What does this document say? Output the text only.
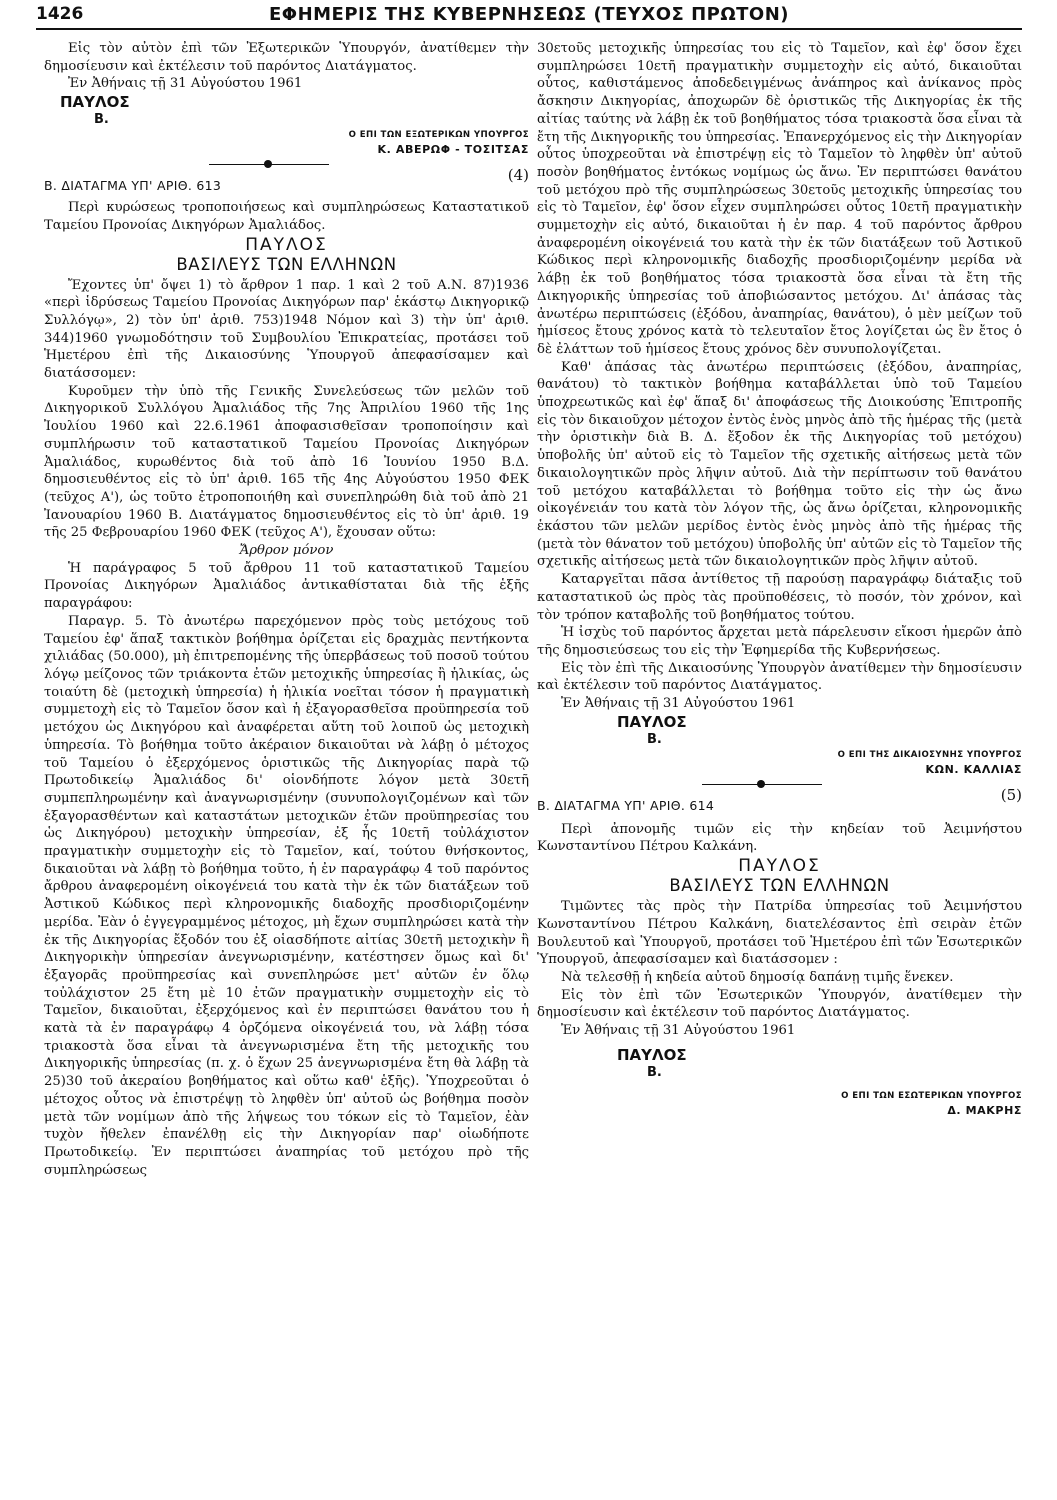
1426	ΕΦΗΜΕΡΙΣ ΤΗΣ ΚΥΒΕΡΝΗΣΕΩΣ (ΤΕΥΧΟΣ ΠΡΩΤΟΝ)

Εἰς τὸν αὐτὸν ἐπὶ τῶν Ἐξωτερικῶν Ὑπουργόν, ἀνατίθεμεν τὴν δημοσίευσιν καὶ ἐκτέλεσιν τοῦ παρόντος Διατάγματος.

Ἐν Ἀθήναις τῇ 31 Αὐγούστου 1961

ΠΑΥΛΟΣ
Β.
Ο ΕΠΙ ΤΩΝ ΕΞΩΤΕΡΙΚΩΝ ΥΠΟΥΡΓΟΣ
Κ. ΑΒΕΡΩΦ - ΤΟΣΙΤΣΑΣ
Β. ΔΙΑΤΑΓΜΑ ΥΠ' ΑΡΙΘ. 613
(4)

Περὶ κυρώσεως τροποποιήσεως καὶ συμπληρώσεως Καταστατικοῦ Ταμείου Προνοίας Δικηγόρων Ἀμαλιάδος.

ΠΑΥΛΟΣ
ΒΑΣΙΛΕΥΣ ΤΩΝ ΕΛΛΗΝΩΝ

Ἔχοντες ὑπ' ὄψει 1) τὸ ἄρθρον 1 παρ. 1 καὶ 2 τοῦ Α.Ν. 87)1936 «περὶ ἱδρύσεως Ταμείου Προνοίας Δικηγόρων παρ' ἑκάστῳ Δικηγορικῷ Συλλόγῳ», 2) τὸν ὑπ' ἀριθ. 753)1948 Νόμον καὶ 3) τὴν ὑπ' ἀριθ. 344)1960 γνωμοδότησιν τοῦ Συμβουλίου Ἐπικρατείας, προτάσει τοῦ Ἡμετέρου ἐπὶ τῆς Δικαιοσύνης Ὑπουργοῦ ἀπεφασίσαμεν καὶ διατάσσομεν:

Κυροῦμεν τὴν ὑπὸ τῆς Γενικῆς Συνελεύσεως τῶν μελῶν τοῦ Δικηγορικοῦ Συλλόγου Ἀμαλιάδος τῆς 7ης Ἀπριλίου 1960 τῆς 1ης Ἰουλίου 1960 καὶ 22.6.1961 ἀποφασισθεῖσαν τροποποίησιν καὶ συμπλήρωσιν τοῦ καταστατικοῦ Ταμείου Προνοίας Δικηγόρων Ἀμαλιάδος, κυρωθέντος διὰ τοῦ ἀπὸ 16 Ἰουνίου 1950 Β.Δ. δημοσιευθέντος εἰς τὸ ὑπ' ἀριθ. 165 τῆς 4ης Αὐγούστου 1950 ΦΕΚ (τεῦχος Α'), ὡς τοῦτο ἐτροποποιήθη καὶ συνεπληρώθη διὰ τοῦ ἀπὸ 21 Ἰανουαρίου 1960 Β. Διατάγματος δημοσιευθέντος εἰς τὸ ὑπ' ἀριθ. 19 τῆς 25 Φεβρουαρίου 1960 ΦΕΚ (τεῦχος Α'), ἔχουσαν οὕτω:

Ἄρθρον μόνον

Ἡ παράγραφος 5 τοῦ ἄρθρου 11 τοῦ καταστατικοῦ Ταμείου Προνοίας Δικηγόρων Ἀμαλιάδος ἀντικαθίσταται διὰ τῆς ἑξῆς παραγράφου:

Παραγρ. 5. Τὸ ἀνωτέρω παρεχόμενον πρὸς τοὺς μετόχους τοῦ Ταμείου ἐφ' ἅπαξ τακτικὸν βοήθημα ὁρίζεται εἰς δραχμὰς πεντήκοντα χιλιάδας (50.000), μὴ ἐπιτρεπομένης τῆς ὑπερβάσεως τοῦ ποσοῦ τούτου λόγῳ μείζονος τῶν τριάκοντα ἐτῶν μετοχικῆς ὑπηρεσίας ἢ ἡλικίας, ὡς τοιαύτη δὲ (μετοχικὴ ὑπηρεσία) ἡ ἡλικία νοεῖται τόσον ἡ πραγματικὴ συμμετοχὴ εἰς τὸ Ταμεῖον ὅσον καὶ ἡ ἐξαγορασθεῖσα προϋπηρεσία τοῦ μετόχου ὡς Δικηγόρου καὶ ἀναφέρεται αὕτη τοῦ λοιποῦ ὡς μετοχικὴ ὑπηρεσία. Τὸ βοήθημα τοῦτο ἀκέραιον δικαιοῦται νὰ λάβῃ ὁ μέτοχος τοῦ Ταμείου ὁ ἐξερχόμενος ὁριστικῶς τῆς Δικηγορίας παρὰ τῷ Πρωτοδικείῳ Ἀμαλιάδος δι' οἱονδήποτε λόγον μετὰ 30ετῆ συμπεπληρωμένην καὶ ἀναγνωρισμένην (συνυπολογιζομένων καὶ τῶν ἐξαγορασθέντων καὶ καταστάτων μετοχικῶν ἐτῶν προϋπηρεσίας του ὡς Δικηγόρου) μετοχικὴν ὑπηρεσίαν, ἐξ ἧς 10ετῆ τοὐλάχιστον πραγματικὴν συμμετοχὴν εἰς τὸ Ταμεῖον, καί, τούτου θνήσκοντος, δικαιοῦται νὰ λάβῃ τὸ βοήθημα τοῦτο, ἡ ἐν παραγράφῳ 4 τοῦ παρόντος ἄρθρου ἀναφερομένη οἰκογένειά του κατὰ τὴν ἐκ τῶν διατάξεων τοῦ Ἀστικοῦ Κώδικος περὶ κληρονομικῆς διαδοχῆς προσδιοριζομένην μερίδα. Ἐὰν ὁ ἐγγεγραμμένος μέτοχος, μὴ ἔχων συμπληρώσει κατὰ τὴν ἐκ τῆς Δικηγορίας ἔξοδόν του ἐξ οἱασδήποτε αἰτίας 30ετῆ μετοχικὴν ἢ Δικηγορικὴν ὑπηρεσίαν ἀνεγνωρισμένην, κατέστησεν ὅμως καὶ δι' ἐξαγορᾶς προϋπηρεσίας καὶ συνεπληρώσε μετ' αὐτῶν ἐν ὅλῳ τοὐλάχιστον 25 ἔτη μὲ 10 ἐτῶν πραγματικὴν συμμετοχὴν εἰς τὸ Ταμεῖον, δικαιοῦται, ἐξερχόμενος καὶ ἐν περιπτώσει θανάτου του ἡ κατὰ τὰ ἐν παραγράφῳ 4 ὁρζόμενα οἰκογένειά του, νὰ λάβῃ τόσα τριακοστὰ ὅσα εἶναι τὰ ἀνεγνωρισμένα ἔτη τῆς μετοχικῆς του Δικηγορικῆς ὑπηρεσίας (π. χ. ὁ ἔχων 25 ἀνεγνωρισμένα ἔτη θὰ λάβῃ τὰ 25)30 τοῦ ἀκεραίου βοηθήματος καὶ οὕτω καθ' ἑξῆς). Ὑποχρεοῦται ὁ μέτοχος οὗτος νὰ ἐπιστρέψῃ τὸ ληφθὲν ὑπ' αὐτοῦ ὡς βοήθημα ποσὸν μετὰ τῶν νομίμων ἀπὸ τῆς λήψεως του τόκων εἰς τὸ Ταμεῖον, ἐὰν τυχὸν ἤθελεν ἐπανέλθῃ εἰς τὴν Δικηγορίαν παρ' οἱωδήποτε Πρωτοδικείῳ. Ἐν περιπτώσει ἀναπηρίας τοῦ μετόχου πρὸ τῆς συμπληρώσεως

30ετοῦς μετοχικῆς ὑπηρεσίας του εἰς τὸ Ταμεῖον, καὶ ἐφ' ὅσον ἔχει συμπληρώσει 10ετῆ πραγματικὴν συμμετοχὴν εἰς αὐτό, δικαιοῦται οὗτος, καθιστάμενος ἀποδεδειγμένως ἀνάπηρος καὶ ἀνίκανος πρὸς ἄσκησιν Δικηγορίας, ἀποχωρῶν δὲ ὁριστικῶς τῆς Δικηγορίας ἐκ τῆς αἰτίας ταύτης νὰ λάβῃ ἐκ τοῦ βοηθήματος τόσα τριακοστὰ ὅσα εἶναι τὰ ἔτη τῆς Δικηγορικῆς του ὑπηρεσίας. Ἐπανερχόμενος εἰς τὴν Δικηγορίαν οὗτος ὑποχρεοῦται νὰ ἐπιστρέψῃ εἰς τὸ Ταμεῖον τὸ ληφθὲν ὑπ' αὐτοῦ ποσὸν βοηθήματος ἐντόκως νομίμως ὡς ἄνω. Ἐν περιπτώσει θανάτου τοῦ μετόχου πρὸ τῆς συμπληρώσεως 30ετοῦς μετοχικῆς ὑπηρεσίας του εἰς τὸ Ταμεῖον, ἐφ' ὅσον εἶχεν συμπληρώσει οὗτος 10ετῆ πραγματικὴν συμμετοχὴν εἰς αὐτό, δικαιοῦται ἡ ἐν παρ. 4 τοῦ παρόντος ἄρθρου ἀναφερομένη οἰκογένειά του κατὰ τὴν ἐκ τῶν διατάξεων τοῦ Ἀστικοῦ Κώδικος περὶ κληρονομικῆς διαδοχῆς προσδιοριζομένην μερίδα νὰ λάβῃ ἐκ τοῦ βοηθήματος τόσα τριακοστὰ ὅσα εἶναι τὰ ἔτη τῆς Δικηγορικῆς ὑπηρεσίας τοῦ ἀποβιώσαντος μετόχου. Δι' ἁπάσας τὰς ἀνωτέρω περιπτώσεις (ἐξόδου, ἀναπηρίας, θανάτου), ὁ μὲν μείζων τοῦ ἡμίσεος ἔτους χρόνος κατὰ τὸ τελευταῖον ἔτος λογίζεται ὡς ἓν ἔτος ὁ δὲ ἐλάττων τοῦ ἡμίσεος ἔτους χρόνος δὲν συνυπολογίζεται.

Καθ' ἁπάσας τὰς ἀνωτέρω περιπτώσεις (ἐξόδου, ἀναπηρίας, θανάτου) τὸ τακτικὸν βοήθημα καταβάλλεται ὑπὸ τοῦ Ταμείου ὑποχρεωτικῶς καὶ ἐφ' ἅπαξ δι' ἀποφάσεως τῆς Διοικούσης Ἐπιτροπῆς εἰς τὸν δικαιοῦχον μέτοχον ἐντὸς ἑνὸς μηνὸς ἀπὸ τῆς ἡμέρας τῆς (μετὰ τὴν ὁριστικὴν διὰ Β. Δ. ἔξοδον ἐκ τῆς Δικηγορίας τοῦ μετόχου) ὑποβολῆς ὑπ' αὐτοῦ εἰς τὸ Ταμεῖον τῆς σχετικῆς αἰτήσεως μετὰ τῶν δικαιολογητικῶν πρὸς λῆψιν αὐτοῦ. Διὰ τὴν περίπτωσιν τοῦ θανάτου τοῦ μετόχου καταβάλλεται τὸ βοήθημα τοῦτο εἰς τὴν ὡς ἄνω οἰκογένειάν του κατὰ τὸν λόγον τῆς, ὡς ἄνω ὁρίζεται, κληρονομικῆς ἑκάστου τῶν μελῶν μερίδος ἐντὸς ἑνὸς μηνὸς ἀπὸ τῆς ἡμέρας τῆς (μετὰ τὸν θάνατον τοῦ μετόχου) ὑποβολῆς ὑπ' αὐτῶν εἰς τὸ Ταμεῖον τῆς σχετικῆς αἰτήσεως μετὰ τῶν δικαιολογητικῶν πρὸς λῆψιν αὐτοῦ.

Καταργεῖται πᾶσα ἀντίθετος τῇ παρούσῃ παραγράφῳ διάταξις τοῦ καταστατικοῦ ὡς πρὸς τὰς προϋποθέσεις, τὸ ποσόν, τὸν χρόνον, καὶ τὸν τρόπον καταβολῆς τοῦ βοηθήματος τούτου.

Ἡ ἰσχὺς τοῦ παρόντος ἄρχεται μετὰ πάρελευσιν εἴκοσι ἡμερῶν ἀπὸ τῆς δημοσιεύσεως του εἰς τὴν Ἐφημερίδα τῆς Κυβερνήσεως.

Εἰς τὸν ἐπὶ τῆς Δικαιοσύνης Ὑπουργὸν ἀνατίθεμεν τὴν δημοσίευσιν καὶ ἐκτέλεσιν τοῦ παρόντος Διατάγματος.

Ἐν Ἀθήναις τῇ 31 Αὐγούστου 1961

ΠΑΥΛΟΣ
Β.
Ο ΕΠΙ ΤΗΣ ΔΙΚΑΙΟΣΥΝΗΣ ΥΠΟΥΡΓΟΣ
ΚΩΝ. ΚΑΛΛΙΑΣ
Β. ΔΙΑΤΑΓΜΑ ΥΠ' ΑΡΙΘ. 614
(5)

Περὶ ἀπονομῆς τιμῶν εἰς τὴν κηδείαν τοῦ Ἀειμνήστου Κωνσταντίνου Πέτρου Καλκάνη.

ΠΑΥΛΟΣ
ΒΑΣΙΛΕΥΣ ΤΩΝ ΕΛΛΗΝΩΝ

Τιμῶντες τὰς πρὸς τὴν Πατρίδα ὑπηρεσίας τοῦ Ἀειμνήστου Κωνσταντίνου Πέτρου Καλκάνη, διατελέσαντος ἐπὶ σειρὰν ἐτῶν Βουλευτοῦ καὶ Ὑπουργοῦ, προτάσει τοῦ Ἡμετέρου ἐπὶ τῶν Ἐσωτερικῶν Ὑπουργοῦ, ἀπεφασίσαμεν καὶ διατάσσομεν :

Νὰ τελεσθῇ ἡ κηδεία αὐτοῦ δημοσίᾳ δαπάνῃ τιμῆς ἕνεκεν.

Εἰς τὸν ἐπὶ τῶν Ἐσωτερικῶν Ὑπουργόν, ἀνατίθεμεν τὴν δημοσίευσιν καὶ ἐκτέλεσιν τοῦ παρόντος Διατάγματος.

Ἐν Ἀθήναις τῇ 31 Αὐγούστου 1961

ΠΑΥΛΟΣ
Β.
Ο ΕΠΙ ΤΩΝ ΕΣΩΤΕΡΙΚΩΝ ΥΠΟΥΡΓΟΣ
Δ. ΜΑΚΡΗΣ
